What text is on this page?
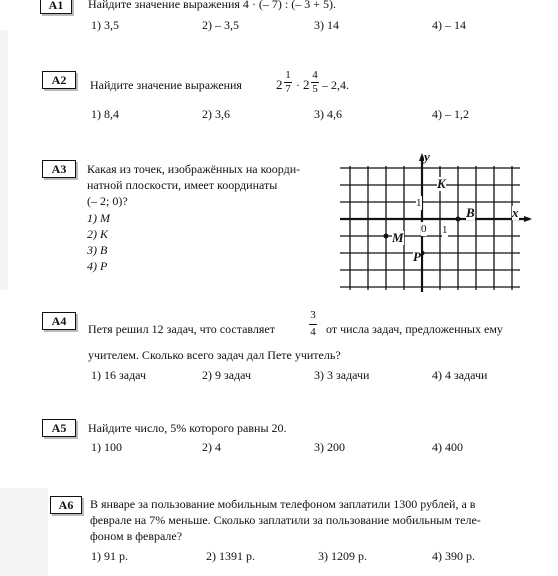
A1	Найдите значение выражения 4 · (– 7) : (– 3 + 5).
1) 3,5	2) – 3,5	3) 14	4) – 14
A2	Найдите значение выражения	2
1
7 · 2
4
5 – 2,4.
1) 8,4	2) 3,6	3) 4,6	4) – 1,2
A3	Какая из точек, изображённых на коорди-
натной плоскости, имеет координаты
(– 2; 0)?
1) M
2) K
3) B
4) P
y
x
1
1
0
K
B
M
P
A4
Петя решил 12 задач, что составляет
3
4 от числа задач, предложенных ему
учителем. Сколько всего задач дал Пете учитель?
1) 16 задач	2) 9 задач	3) 3 задачи	4) 4 задачи
A5	Найдите число, 5% которого равны 20.
1) 100	2) 4	3) 200	4) 400
A6	В январе за пользование мобильным телефоном заплатили 1300 рублей, а в
феврале на 7% меньше. Сколько заплатили за пользование мобильным теле-
фоном в феврале?
1) 91 р.	2) 1391 р.	3) 1209 р.	4) 390 р.
